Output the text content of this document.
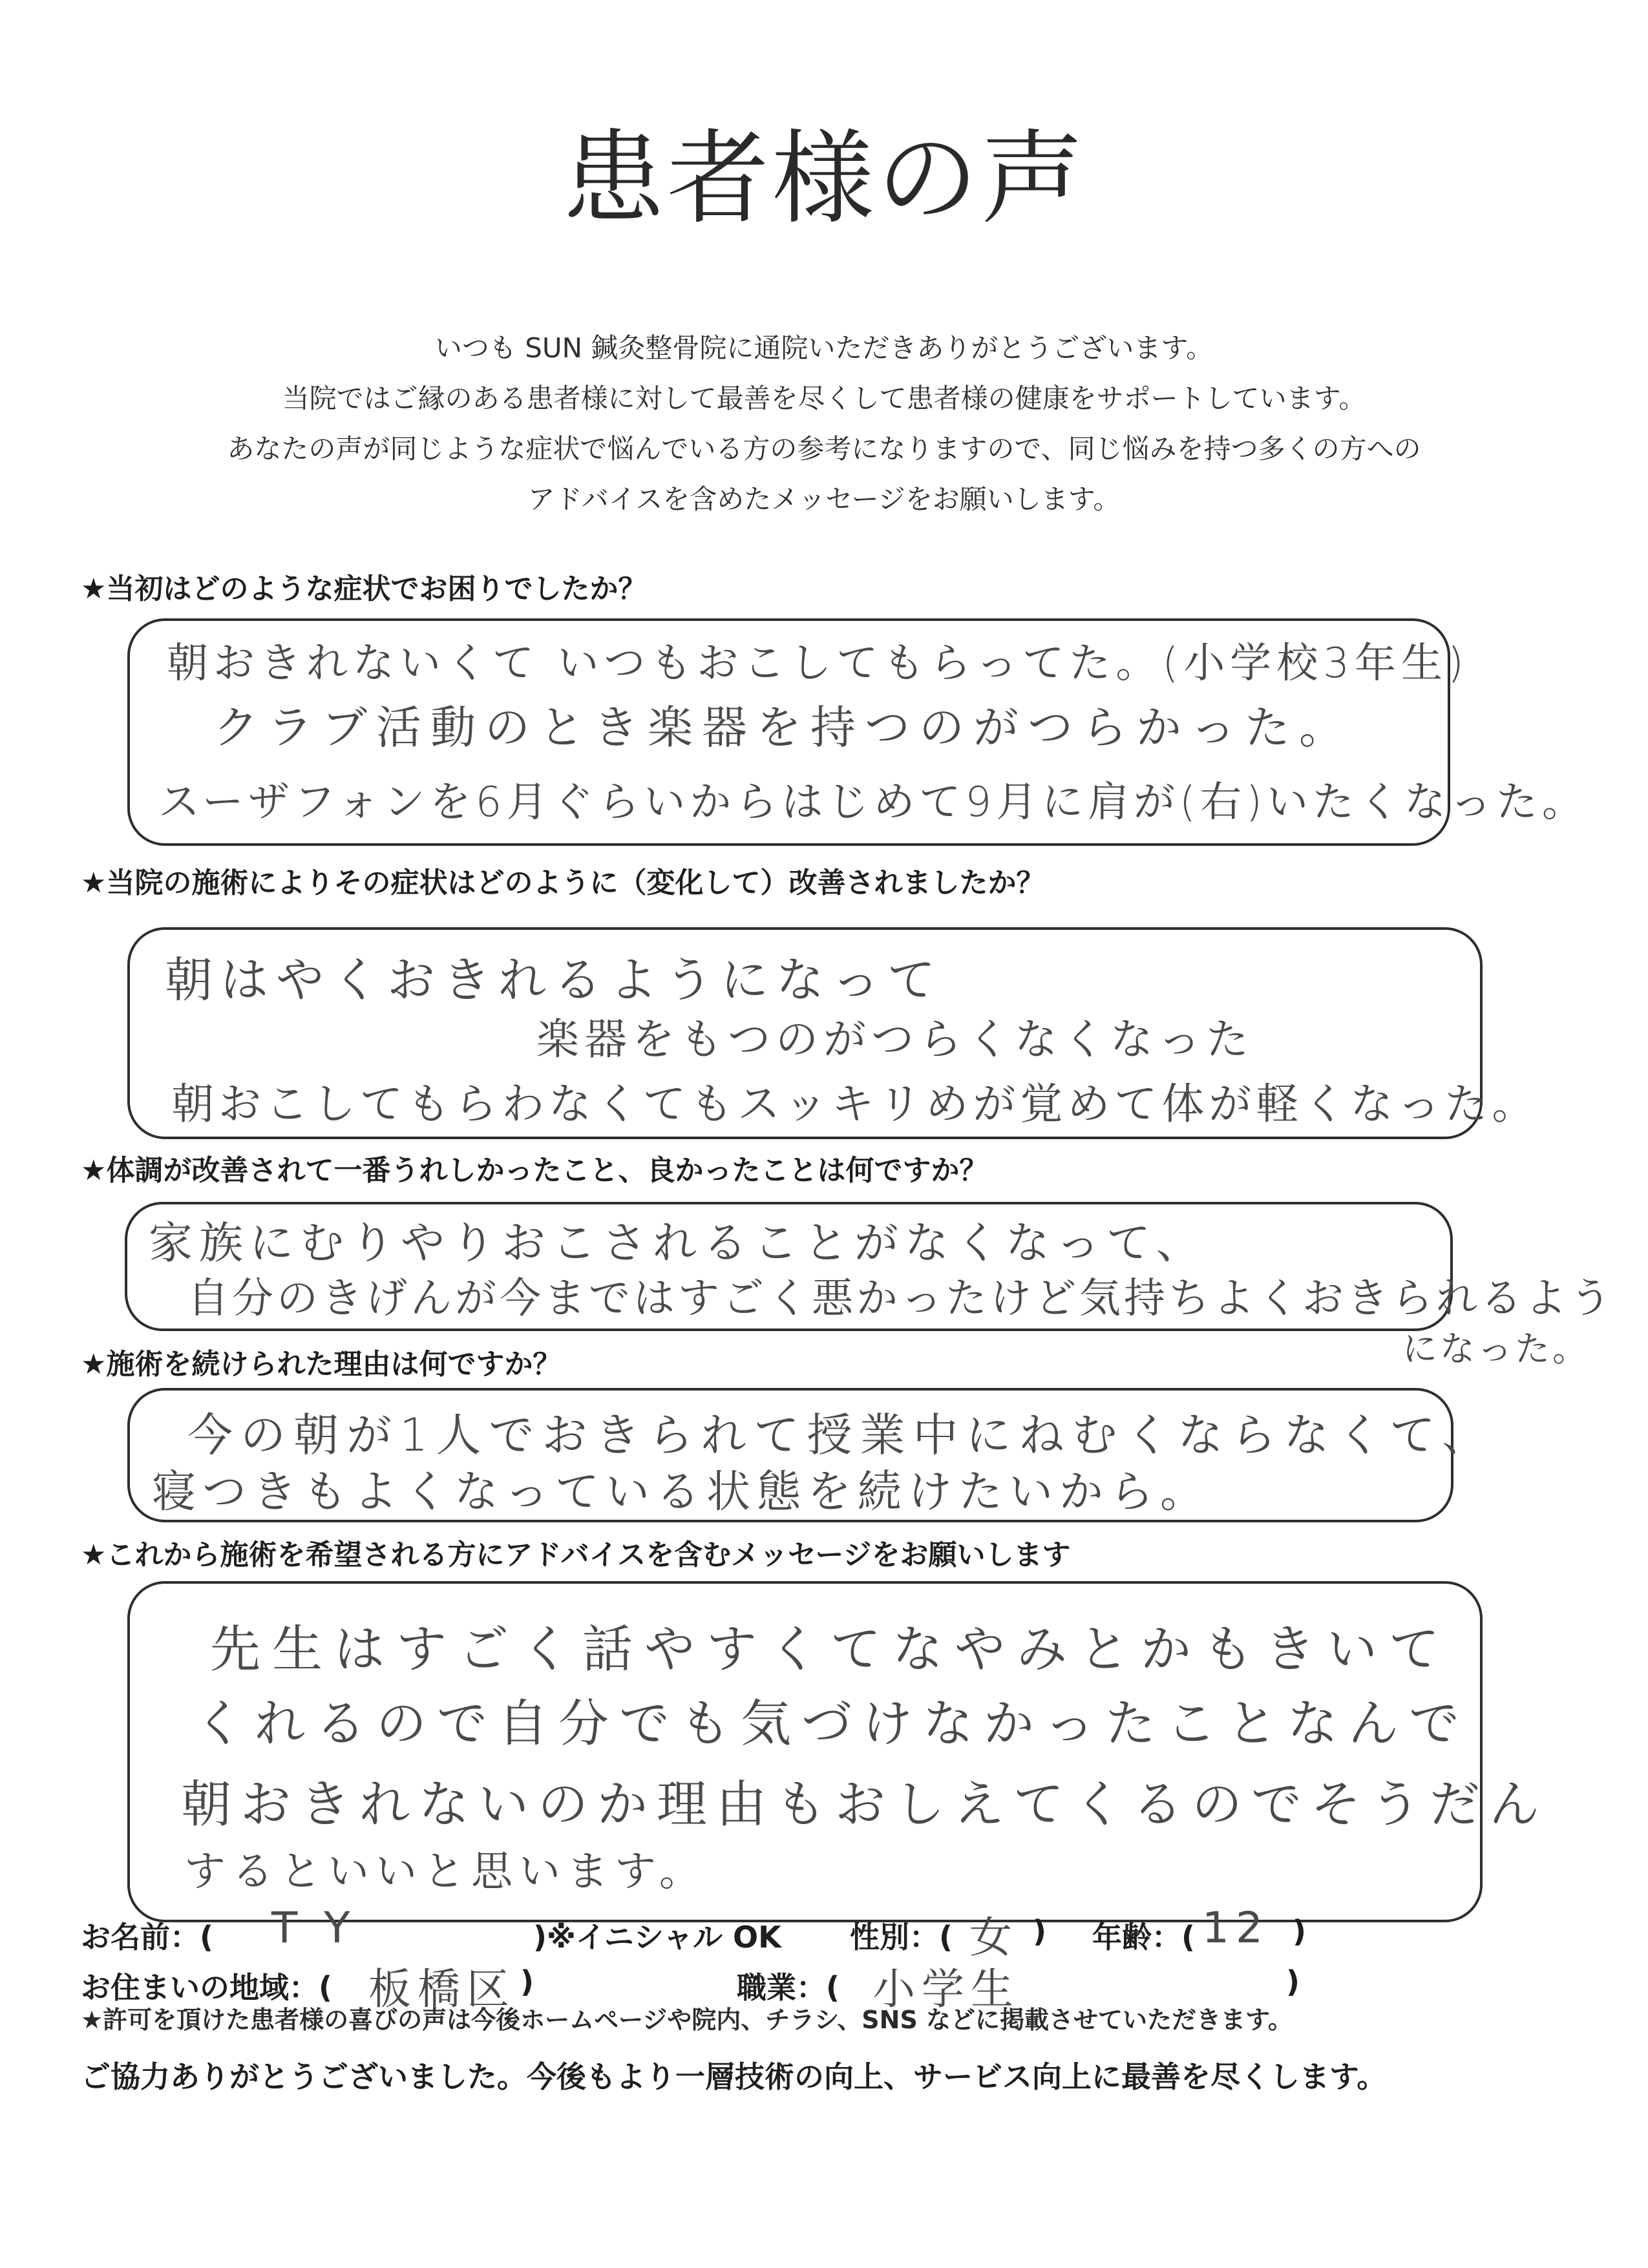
患者様の声
いつも SUN 鍼灸整骨院に通院いただきありがとうございます。
当院ではご縁のある患者様に対して最善を尽くして患者様の健康をサポートしています。
あなたの声が同じような症状で悩んでいる方の参考になりますので、同じ悩みを持つ多くの方への
アドバイスを含めたメッセージをお願いします。
★当初はどのような症状でお困りでしたか？
朝おきれないくて いつもおこしてもらってた。(小学校3年生)
クラブ活動のとき楽器を持つのがつらかった。
スーザフォンを6月ぐらいからはじめて9月に肩が(右)いたくなった。
★当院の施術によりその症状はどのように（変化して）改善されましたか？
朝はやくおきれるようになって
楽器をもつのがつらくなくなった
朝おこしてもらわなくてもスッキリめが覚めて体が軽くなった。
★体調が改善されて一番うれしかったこと、良かったことは何ですか？
家族にむりやりおこされることがなくなって、
自分のきげんが今まではすごく悪かったけど気持ちよくおきられるよう
になった。
★施術を続けられた理由は何ですか？
今の朝が1人でおきられて授業中にねむくならなくて、
寝つきもよくなっている状態を続けたいから。
★これから施術を希望される方にアドバイスを含むメッセージをお願いします
先生はすごく話やすくてなやみとかもきいて
くれるので自分でも気づけなかったことなんで
朝おきれないのか理由もおしえてくるのでそうだん
するといいと思います。
お名前：( T Y	)※イニシャル OK 性別：( 女 ) 年齢：( 12 )
お住まいの地域：( 板橋区 )	職業：( 小学生	)
★許可を頂けた患者様の喜びの声は今後ホームページや院内、チラシ、SNS などに掲載させていただきます。
ご協力ありがとうございました。今後もより一層技術の向上、サービス向上に最善を尽くします。
